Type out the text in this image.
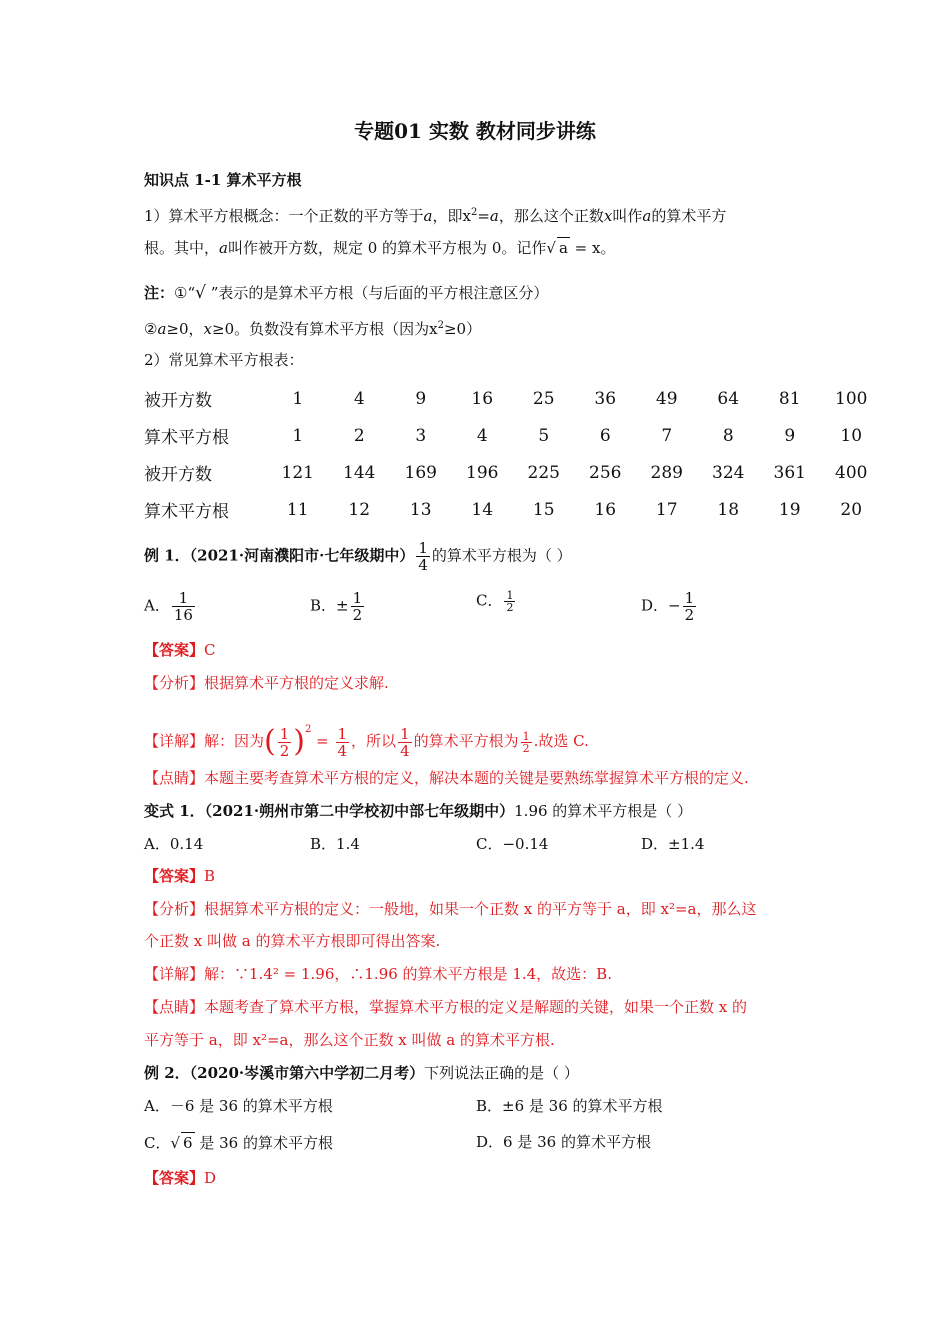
专题01 实数 教材同步讲练
知识点 1-1 算术平方根
1）算术平方根概念：一个正数的平方等于a，即$x^2=a$，那么这个正数x叫作a的算术平方
根。其中，a叫作被开方数，规定 0 的算术平方根为 0。记作√ a = x。
注：①“√ ”表示的是算术平方根（与后面的平方根注意区分）
②a≥0，x≥0。负数没有算术平方根（因为$x^2\ge 0$）
2）常见算术平方根表：
被开方数	1	4	9	16	25	36	49	64	81	100
算术平方根	1	2	3	4	5	6	7	8	9	10
被开方数	121	144	169	196	225	256	289	324	361	400
算术平方根	11	12	13	14	15	16	17	18	19	20
例 1．（2021·河南濮阳市·七年级期中） $\frac{1}{4}$ 的算术平方根为（ ）
A． $\frac{1}{16}$	B．± $\frac{1}{2}$	C． $\frac{1}{2}$	D．− $\frac{1}{2}$
【答案】C
【分析】根据算术平方根的定义求解.
【详解】解：因为( $\frac{1}{2} )^2 = \frac{1}{4}$ ，所以 $\frac{1}{4}$ 的算术平方根为 $\frac{1}{2}$ .故选 C.
【点睛】本题主要考查算术平方根的定义，解决本题的关键是要熟练掌握算术平方根的定义.
变式 1．（2021·朔州市第二中学校初中部七年级期中）1.96 的算术平方根是（ ）
A．0.14	B．1.4	C．−0.14	D．±1.4
【答案】B
【分析】根据算术平方根的定义：一般地，如果一个正数 x 的平方等于 a，即 x²=a，那么这
个正数 x 叫做 a 的算术平方根即可得出答案.
【详解】解：∵1.4² = 1.96，∴1.96 的算术平方根是 1.4，故选：B.
【点睛】本题考查了算术平方根，掌握算术平方根的定义是解题的关键，如果一个正数 x 的
平方等于 a，即 x²=a，那么这个正数 x 叫做 a 的算术平方根.
例 2．（2020·岑溪市第六中学初二月考）下列说法正确的是（ ）
A．－6 是 36 的算术平方根	B．±6 是 36 的算术平方根
C．√ 6 是 36 的算术平方根	D．6 是 36 的算术平方根
【答案】D
